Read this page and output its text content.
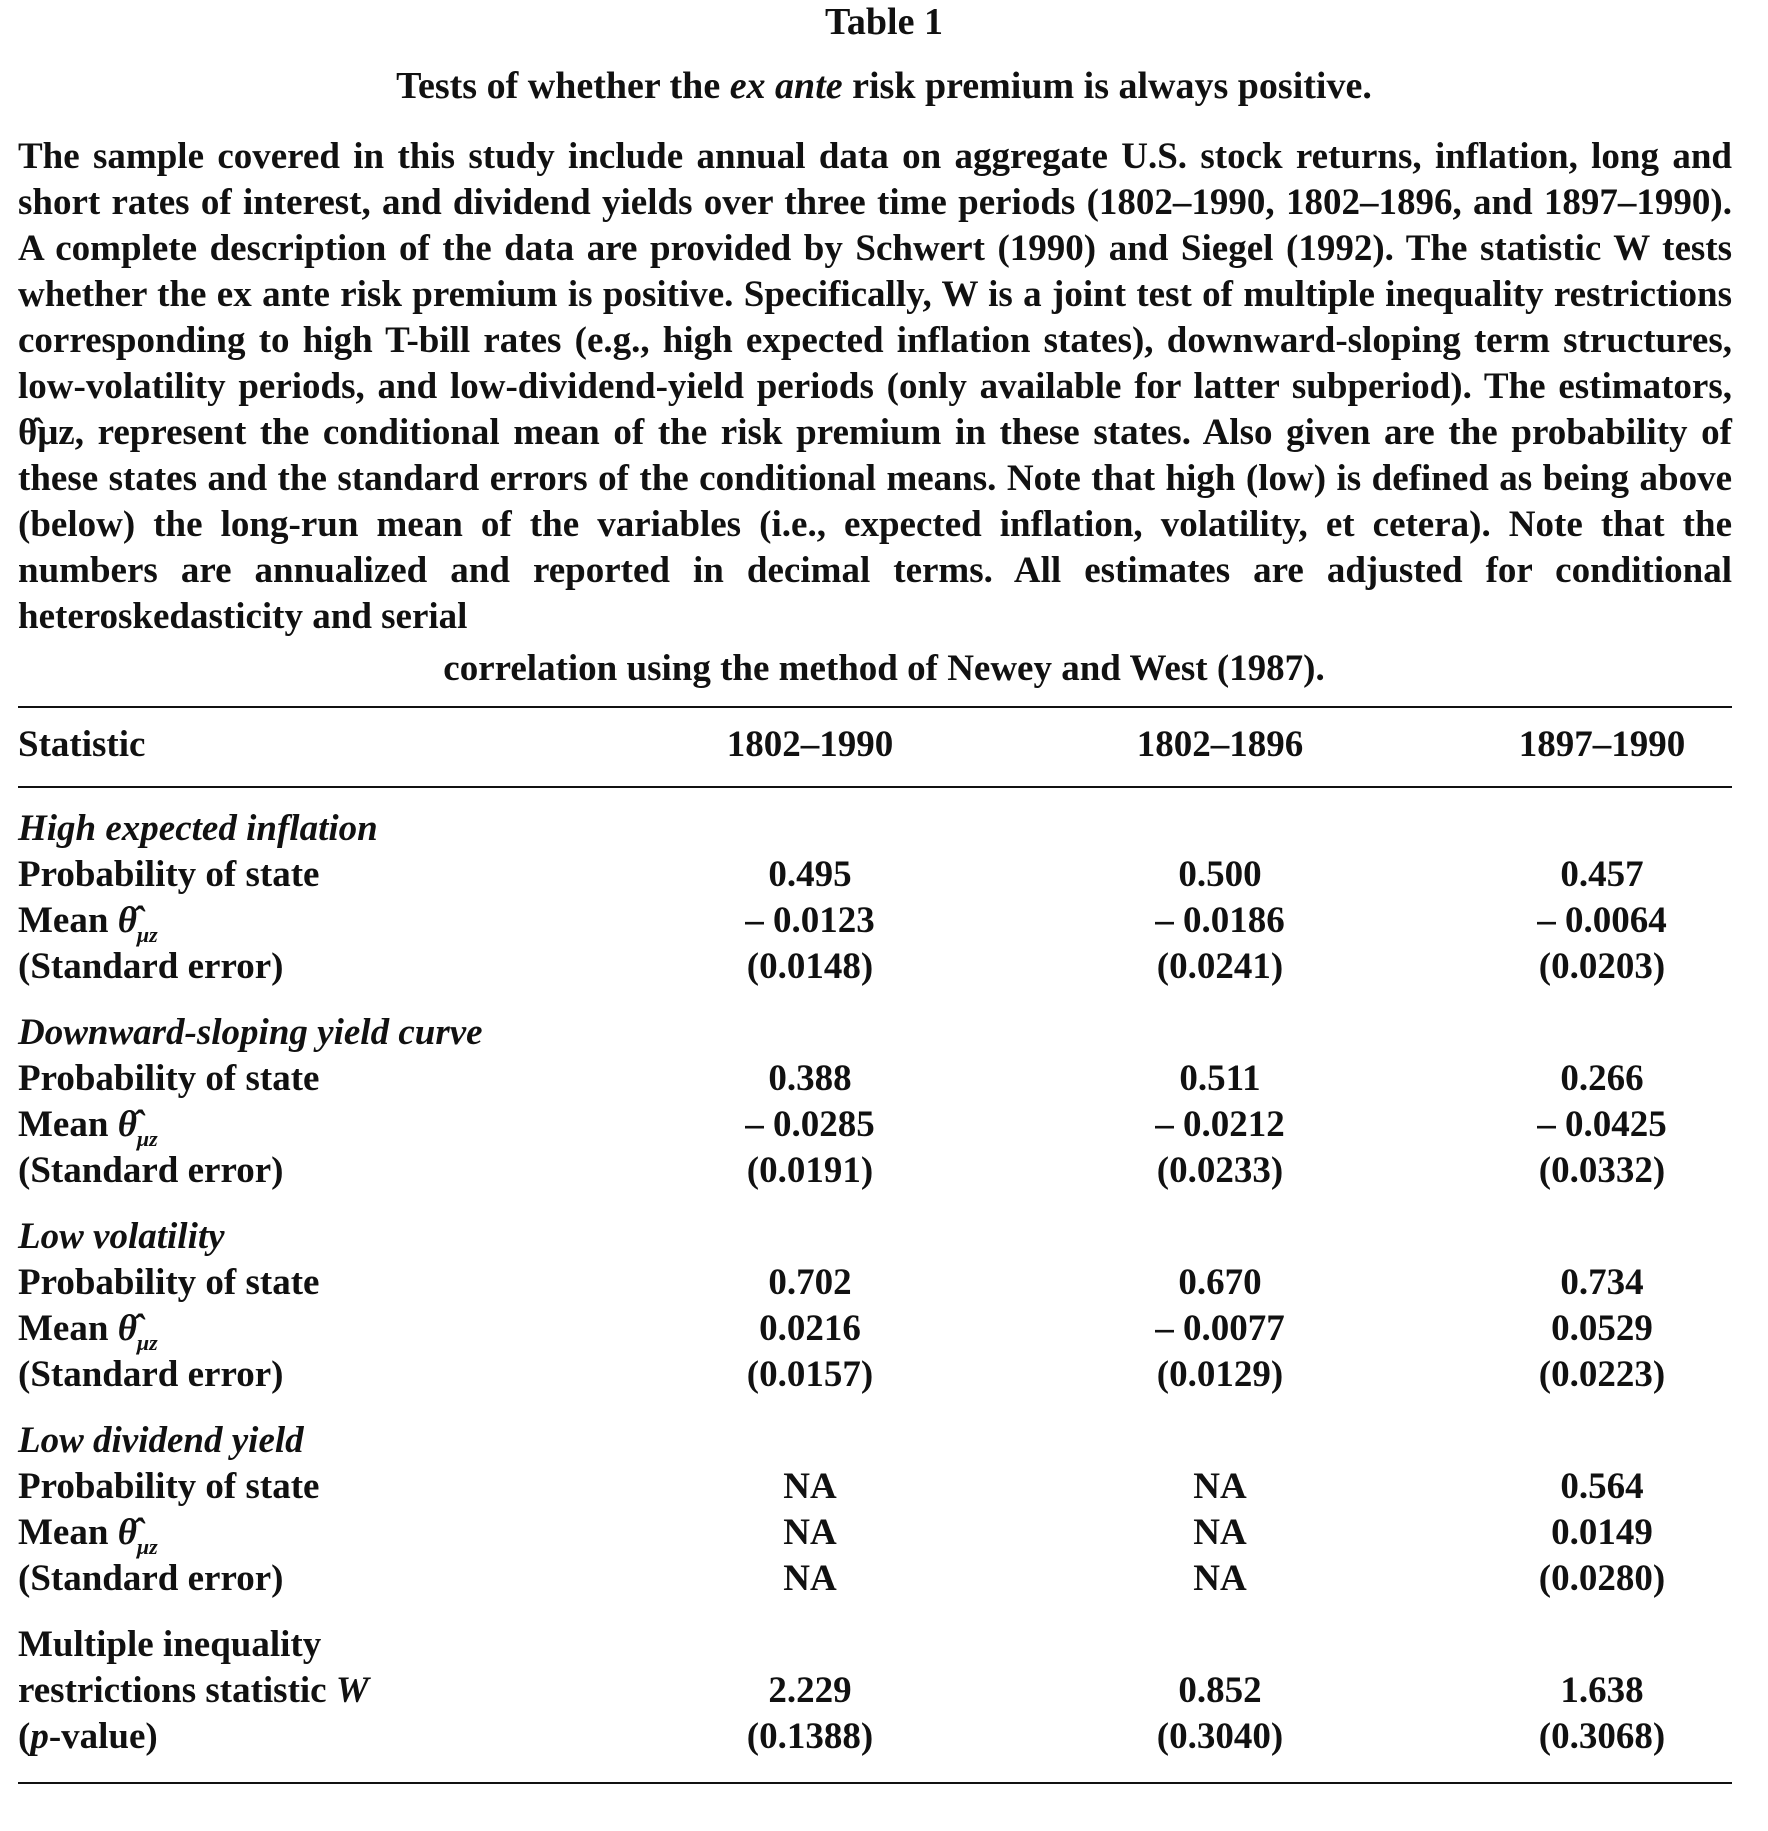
Table 1
Tests of whether the ex ante risk premium is always positive.
The sample covered in this study include annual data on aggregate U.S. stock returns, inflation, long and short rates of interest, and dividend yields over three time periods (1802–1990, 1802–1896, and 1897–1990). A complete description of the data are provided by Schwert (1990) and Siegel (1992). The statistic W tests whether the ex ante risk premium is positive. Specifically, W is a joint test of multiple inequality restrictions corresponding to high T-bill rates (e.g., high expected inflation states), downward-sloping term structures, low-volatility periods, and low-dividend-yield periods (only available for latter subperiod). The estimators, θ̂μz, represent the conditional mean of the risk premium in these states. Also given are the probability of these states and the standard errors of the conditional means. Note that high (low) is defined as being above (below) the long-run mean of the variables (i.e., expected inflation, volatility, et cetera). Note that the numbers are annualized and reported in decimal terms. All estimates are adjusted for conditional heteroskedasticity and serial
correlation using the method of Newey and West (1987).
Statistic	1802–1990	1802–1896	1897–1990
High expected inflation
Probability of state	0.495	0.500	0.457
Mean $\thetâ_{\mu z}$	– 0.0123	– 0.0186	– 0.0064
(Standard error)	(0.0148)	(0.0241)	(0.0203)
Downward-sloping yield curve
Probability of state	0.388	0.511	0.266
Mean $\thetâ_{\mu z}$	– 0.0285	– 0.0212	– 0.0425
(Standard error)	(0.0191)	(0.0233)	(0.0332)
Low volatility
Probability of state	0.702	0.670	0.734
Mean $\thetâ_{\mu z}$	0.0216	– 0.0077	0.0529
(Standard error)	(0.0157)	(0.0129)	(0.0223)
Low dividend yield
Probability of state	NA	NA	0.564
Mean $\thetâ_{\mu z}$	NA	NA	0.0149
(Standard error)	NA	NA	(0.0280)
Multiple inequality
restrictions statistic W	2.229	0.852	1.638
(p-value)	(0.1388)	(0.3040)	(0.3068)
